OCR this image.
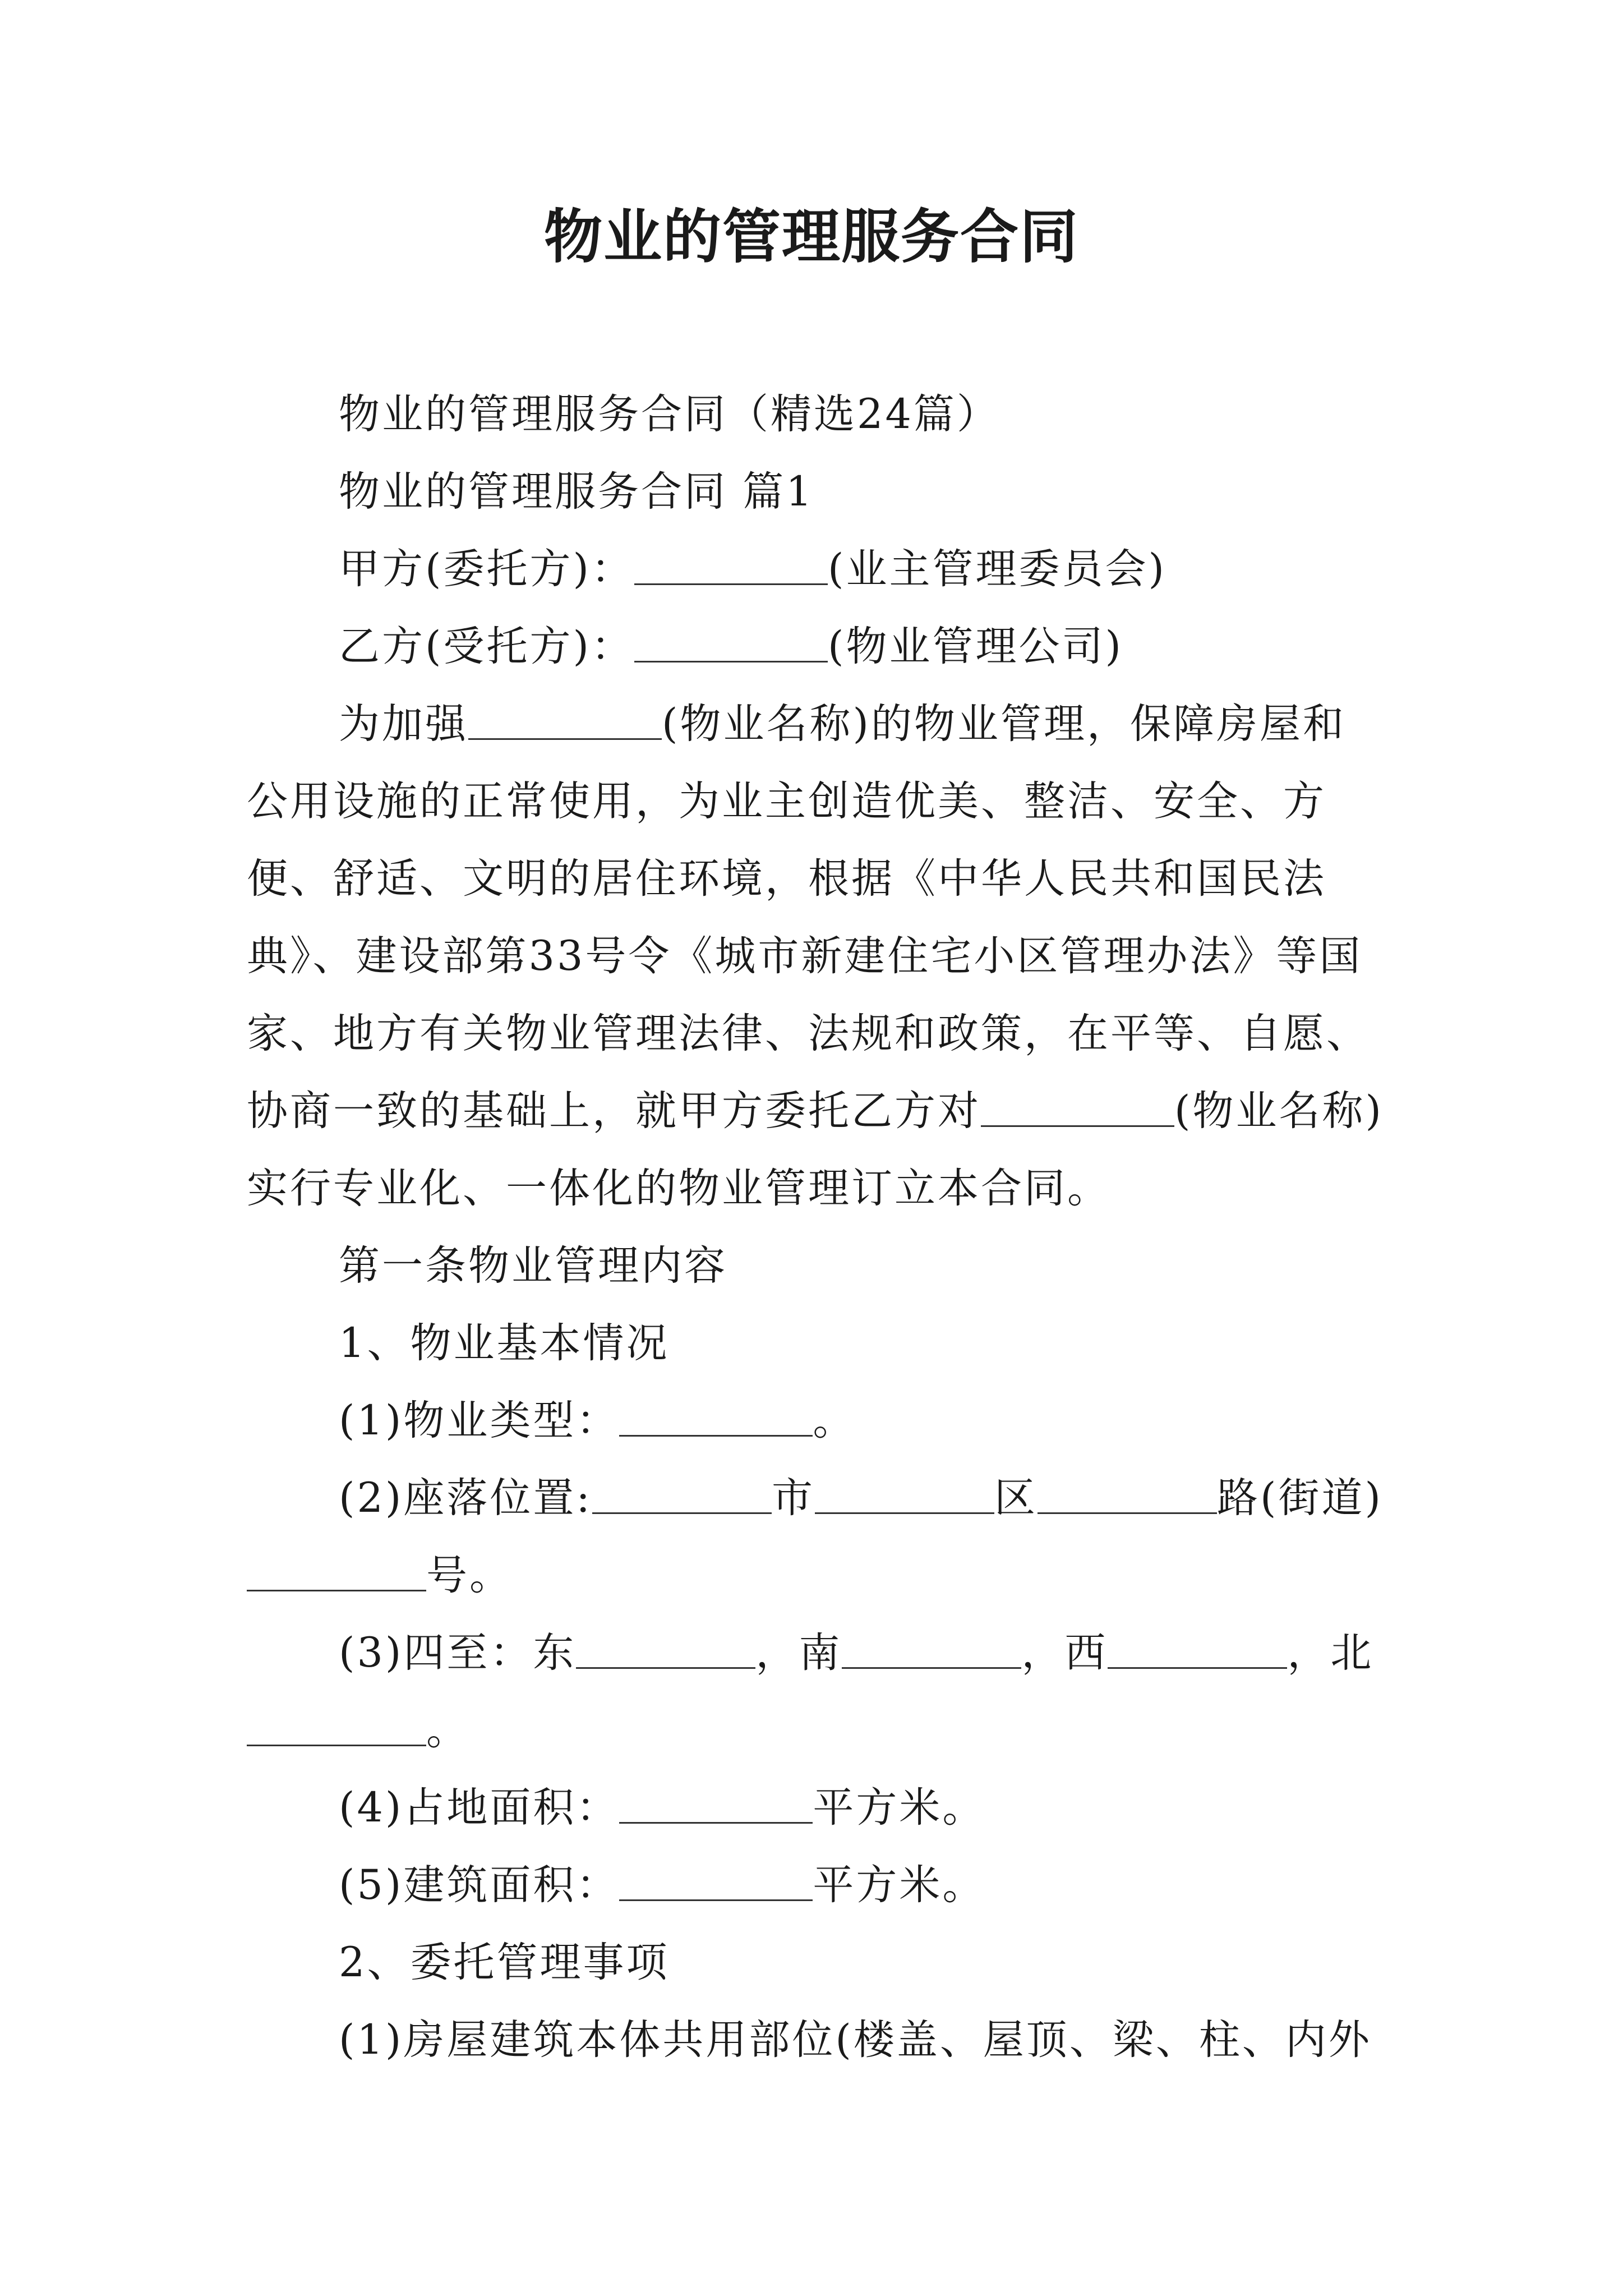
物业的管理服务合同

物业的管理服务合同（精选24篇）

物业的管理服务合同 篇1

甲方(委托方)：	(业主管理委员会)

乙方(受托方)：	(物业管理公司)

为加强	(物业名称)的物业管理，保障房屋和公用设施的正常使用，为业主创造优美、整洁、安全、方便、舒适、文明的居住环境，根据《中华人民共和国民法典》、建设部第33号令《城市新建住宅小区管理办法》等国家、地方有关物业管理法律、法规和政策，在平等、自愿、协商一致的基础上，就甲方委托乙方对	(物业名称)实行专业化、一体化的物业管理订立本合同。

第一条物业管理内容

1、物业基本情况

(1)物业类型：	。

(2)座落位置:	市	区	路(街道)号。

(3)四至：东	，南	，西	，北。

(4)占地面积：	平方米。

(5)建筑面积：	平方米。

2、委托管理事项

(1)房屋建筑本体共用部位(楼盖、屋顶、梁、柱、内外
